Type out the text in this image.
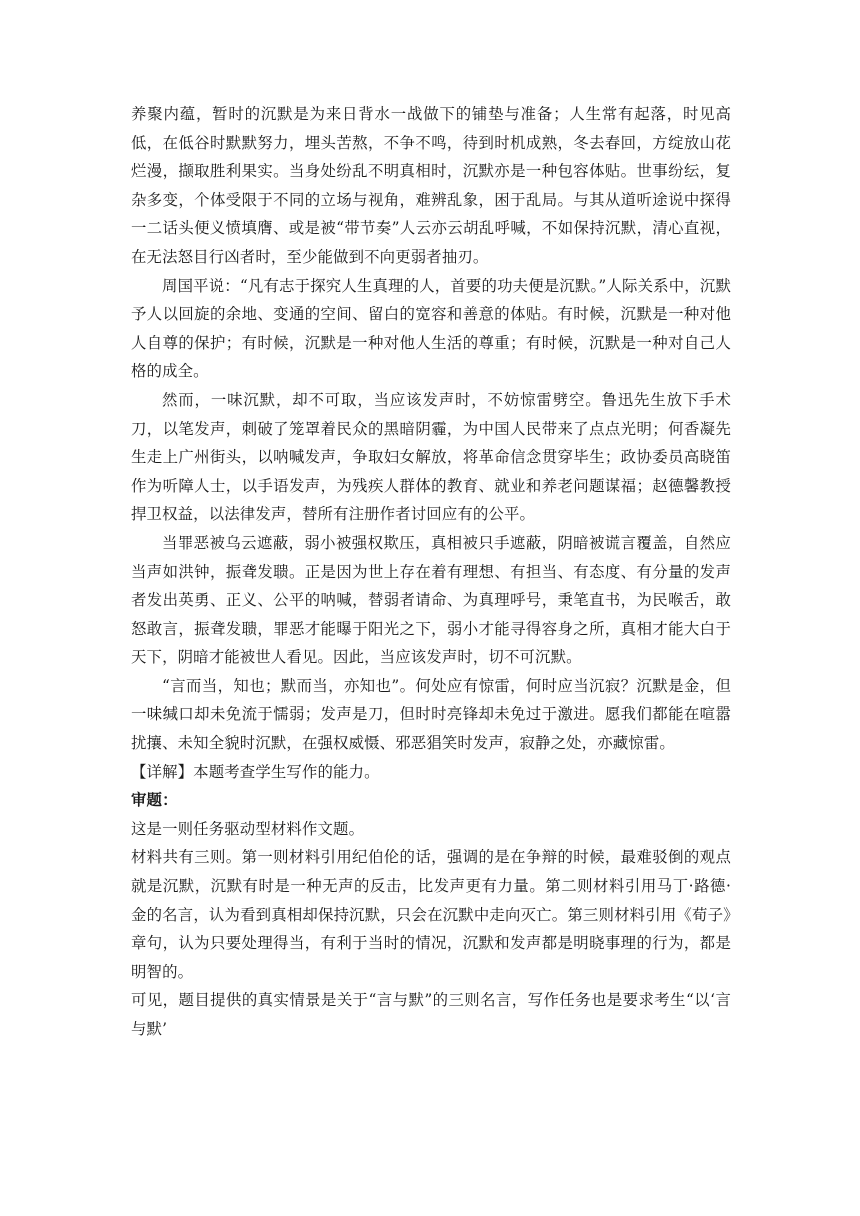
养聚内蕴，暂时的沉默是为来日背水一战做下的铺垫与准备；人生常有起落，时见高低，在低谷时默默努力，埋头苦熬，不争不鸣，待到时机成熟，冬去春回，方绽放山花烂漫，撷取胜利果实。当身处纷乱不明真相时，沉默亦是一种包容体贴。世事纷纭，复杂多变，个体受限于不同的立场与视角，难辨乱象，困于乱局。与其从道听途说中探得一二话头便义愤填膺、或是被“带节奏”人云亦云胡乱呼喊，不如保持沉默，清心直视，在无法怒目行凶者时，至少能做到不向更弱者抽刃。

周国平说：“凡有志于探究人生真理的人，首要的功夫便是沉默。”人际关系中，沉默予人以回旋的余地、变通的空间、留白的宽容和善意的体贴。有时候，沉默是一种对他人自尊的保护；有时候，沉默是一种对他人生活的尊重；有时候，沉默是一种对自己人格的成全。

然而，一味沉默，却不可取，当应该发声时，不妨惊雷劈空。鲁迅先生放下手术刀，以笔发声，刺破了笼罩着民众的黑暗阴霾，为中国人民带来了点点光明；何香凝先生走上广州街头，以呐喊发声，争取妇女解放，将革命信念贯穿毕生；政协委员高晓笛作为听障人士，以手语发声，为残疾人群体的教育、就业和养老问题谋福；赵德馨教授捍卫权益，以法律发声，替所有注册作者讨回应有的公平。

当罪恶被乌云遮蔽，弱小被强权欺压，真相被只手遮蔽，阴暗被谎言覆盖，自然应当声如洪钟，振聋发聩。正是因为世上存在着有理想、有担当、有态度、有分量的发声者发出英勇、正义、公平的呐喊，替弱者请命、为真理呼号，秉笔直书，为民喉舌，敢怒敢言，振聋发聩，罪恶才能曝于阳光之下，弱小才能寻得容身之所，真相才能大白于天下，阴暗才能被世人看见。因此，当应该发声时，切不可沉默。

“言而当，知也；默而当，亦知也”。何处应有惊雷，何时应当沉寂？沉默是金，但一味缄口却未免流于懦弱；发声是刀，但时时亮锋却未免过于激进。愿我们都能在喧嚣扰攘、未知全貌时沉默，在强权威慑、邪恶猖笑时发声，寂静之处，亦藏惊雷。

【详解】本题考查学生写作的能力。

审题：

这是一则任务驱动型材料作文题。

材料共有三则。第一则材料引用纪伯伦的话，强调的是在争辩的时候，最难驳倒的观点就是沉默，沉默有时是一种无声的反击，比发声更有力量。第二则材料引用马丁·路德·金的名言，认为看到真相却保持沉默，只会在沉默中走向灭亡。第三则材料引用《荀子》章句，认为只要处理得当，有利于当时的情况，沉默和发声都是明晓事理的行为，都是明智的。

可见，题目提供的真实情景是关于“言与默”的三则名言，写作任务也是要求考生“以‘言与默’
